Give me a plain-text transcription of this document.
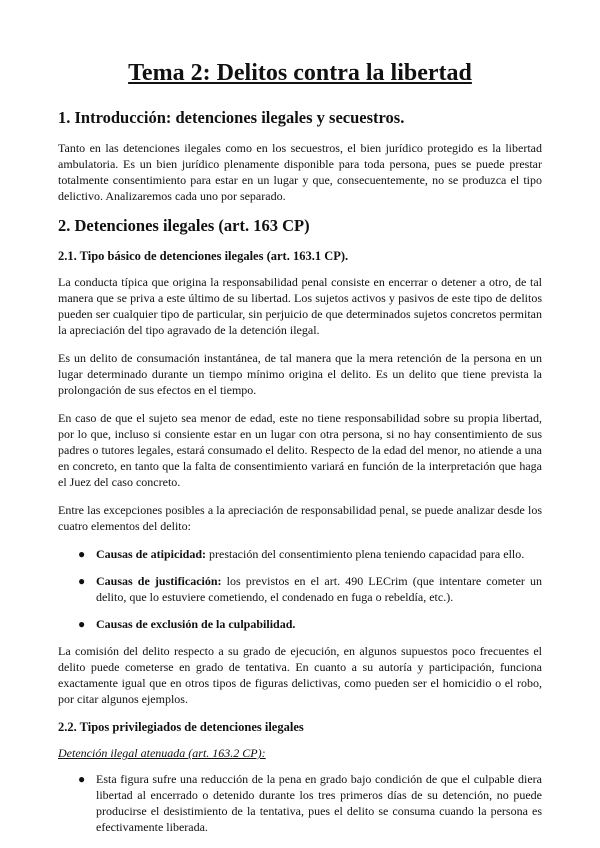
Tema 2: Delitos contra la libertad
1. Introducción: detenciones ilegales y secuestros.

Tanto en las detenciones ilegales como en los secuestros, el bien jurídico protegido es la libertad ambulatoria. Es un bien jurídico plenamente disponible para toda persona, pues se puede prestar totalmente consentimiento para estar en un lugar y que, consecuentemente, no se produzca el tipo delictivo. Analizaremos cada uno por separado.

2. Detenciones ilegales (art. 163 CP)
2.1. Tipo básico de detenciones ilegales (art. 163.1 CP).

La conducta típica que origina la responsabilidad penal consiste en encerrar o detener a otro, de tal manera que se priva a este último de su libertad. Los sujetos activos y pasivos de este tipo de delitos pueden ser cualquier tipo de particular, sin perjuicio de que determinados sujetos concretos permitan la apreciación del tipo agravado de la detención ilegal.

Es un delito de consumación instantánea, de tal manera que la mera retención de la persona en un lugar determinado durante un tiempo mínimo origina el delito. Es un delito que tiene prevista la prolongación de sus efectos en el tiempo.

En caso de que el sujeto sea menor de edad, este no tiene responsabilidad sobre su propia libertad, por lo que, incluso si consiente estar en un lugar con otra persona, si no hay consentimiento de sus padres o tutores legales, estará consumado el delito. Respecto de la edad del menor, no atiende a una en concreto, en tanto que la falta de consentimiento variará en función de la interpretación que haga el Juez del caso concreto.

Entre las excepciones posibles a la apreciación de responsabilidad penal, se puede analizar desde los cuatro elementos del delito:

● Causas de atipicidad: prestación del consentimiento plena teniendo capacidad para ello.
● Causas de justificación: los previstos en el art. 490 LECrim (que intentare cometer un delito, que lo estuviere cometiendo, el condenado en fuga o rebeldía, etc.).
● Causas de exclusión de la culpabilidad.

La comisión del delito respecto a su grado de ejecución, en algunos supuestos poco frecuentes el delito puede cometerse en grado de tentativa. En cuanto a su autoría y participación, funciona exactamente igual que en otros tipos de figuras delictivas, como pueden ser el homicidio o el robo, por citar algunos ejemplos.

2.2. Tipos privilegiados de detenciones ilegales
Detención ilegal atenuada (art. 163.2 CP):
● Esta figura sufre una reducción de la pena en grado bajo condición de que el culpable diera libertad al encerrado o detenido durante los tres primeros días de su detención, no puede producirse el desistimiento de la tentativa, pues el delito se consuma cuando la persona es efectivamente liberada.
